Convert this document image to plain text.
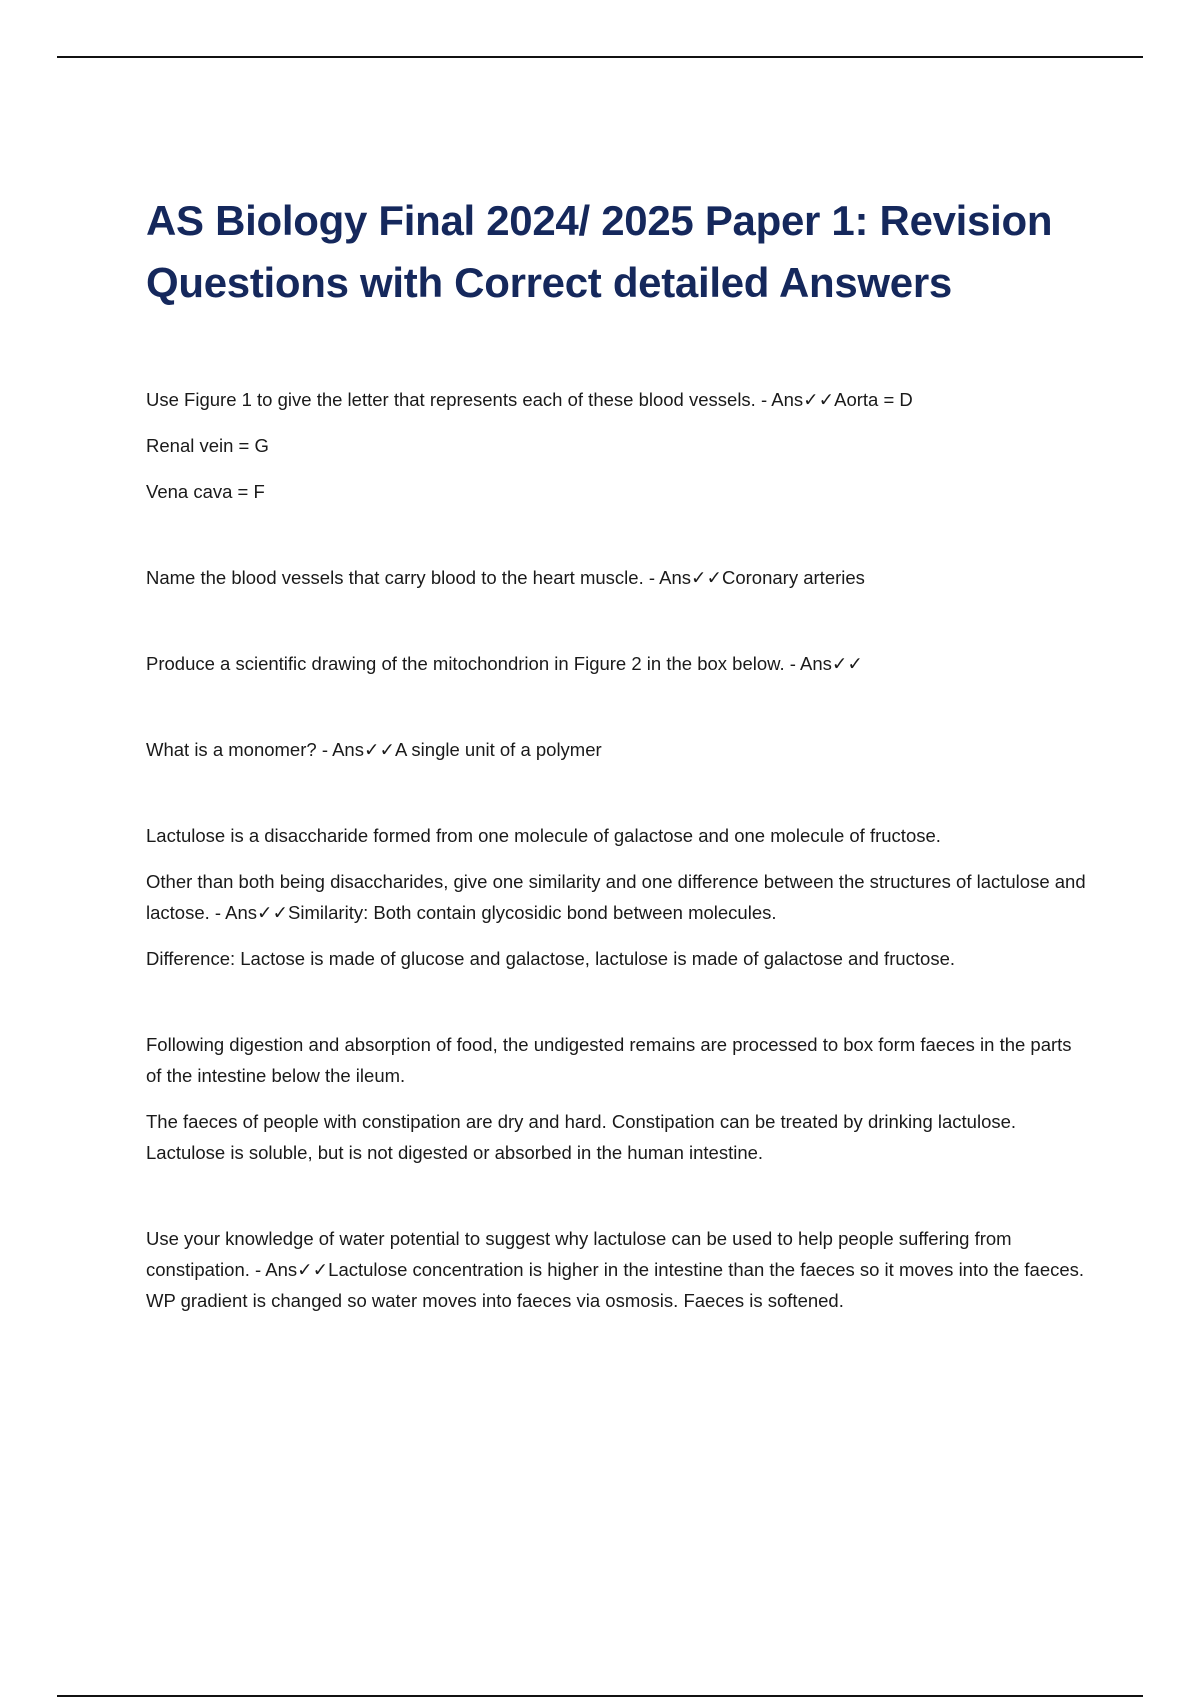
AS Biology Final 2024/ 2025 Paper 1: Revision
Questions with Correct detailed Answers

Use Figure 1 to give the letter that represents each of these blood vessels. - Ans✓✓Aorta = D

Renal vein = G

Vena cava = F

Name the blood vessels that carry blood to the heart muscle. - Ans✓✓Coronary arteries

Produce a scientific drawing of the mitochondrion in Figure 2 in the box below. - Ans✓✓

What is a monomer? - Ans✓✓A single unit of a polymer

Lactulose is a disaccharide formed from one molecule of galactose and one molecule of fructose.

Other than both being disaccharides, give one similarity and one difference between the structures of lactulose and lactose. - Ans✓✓Similarity: Both contain glycosidic bond between molecules.

Difference: Lactose is made of glucose and galactose, lactulose is made of galactose and fructose.

Following digestion and absorption of food, the undigested remains are processed to box form faeces in the parts of the intestine below the ileum.

The faeces of people with constipation are dry and hard. Constipation can be treated by drinking lactulose. Lactulose is soluble, but is not digested or absorbed in the human intestine.

Use your knowledge of water potential to suggest why lactulose can be used to help people suffering from constipation. - Ans✓✓Lactulose concentration is higher in the intestine than the faeces so it moves into the faeces. WP gradient is changed so water moves into faeces via osmosis. Faeces is softened.
